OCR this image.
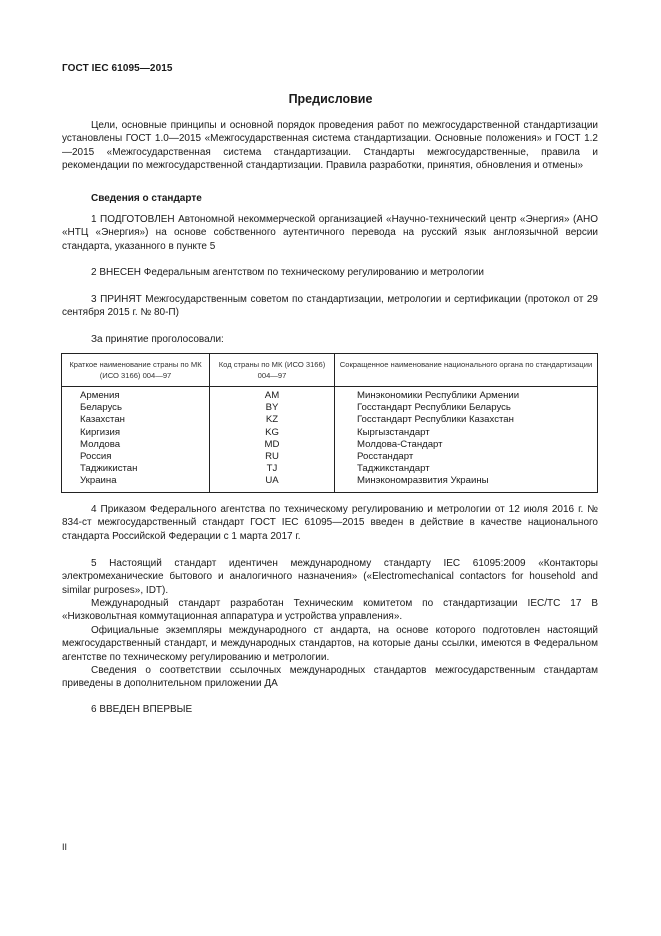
ГОСТ IEC 61095—2015
Предисловие
Цели, основные принципы и основной порядок проведения работ по межгосударственной стандартизации установлены ГОСТ 1.0—2015 «Межгосударственная система стандартизации. Основные положения» и ГОСТ 1.2—2015 «Межгосударственная система стандартизации. Стандарты межгосударственные, правила и рекомендации по межгосударственной стандартизации. Правила разработки, принятия, обновления и отмены»
Сведения о стандарте
1 ПОДГОТОВЛЕН Автономной некоммерческой организацией «Научно-технический центр «Энергия» (АНО «НТЦ «Энергия») на основе собственного аутентичного перевода на русский язык англоязычной версии стандарта, указанного в пункте 5
2 ВНЕСЕН Федеральным агентством по техническому регулированию и метрологии
3 ПРИНЯТ Межгосударственным советом по стандартизации, метрологии и сертификации (протокол от 29 сентября 2015 г. № 80-П)
За принятие проголосовали:
Краткое наименование страны по МК (ИСО 3166) 004—97	Код страны по МК (ИСО 3166) 004—97	Сокращенное наименование национального органа по стандартизации
Армения	AM	Минэкономики Республики Армении
Беларусь	BY	Госстандарт Республики Беларусь
Казахстан	KZ	Госстандарт Республики Казахстан
Киргизия	KG	Кыргызстандарт
Молдова	MD	Молдова-Стандарт
Россия	RU	Росстандарт
Таджикистан	TJ	Таджикстандарт
Украина	UA	Минэкономразвития Украины
4 Приказом Федерального агентства по техническому регулированию и метрологии от 12 июля 2016 г. № 834-ст межгосударственный стандарт ГОСТ IEC 61095—2015 введен в действие в качестве национального стандарта Российской Федерации с 1 марта 2017 г.
5 Настоящий стандарт идентичен международному стандарту IEC 61095:2009 «Контакторы электромеханические бытового и аналогичного назначения» («Electromechanical contactors for household and similar purposes», IDT).
Международный стандарт разработан Техническим комитетом по стандартизации IEC/TC 17 В «Низковольтная коммутационная аппаратура и устройства управления».
Официальные экземпляры международного ст андарта, на основе которого подготовлен настоящий межгосударственный стандарт, и международных стандартов, на которые даны ссылки, имеются в Федеральном агентстве по техническому регулированию и метрологии.
Сведения о соответствии ссылочных международных стандартов межгосударственным стандартам приведены в дополнительном приложении ДА
6 ВВЕДЕН ВПЕРВЫЕ
II
